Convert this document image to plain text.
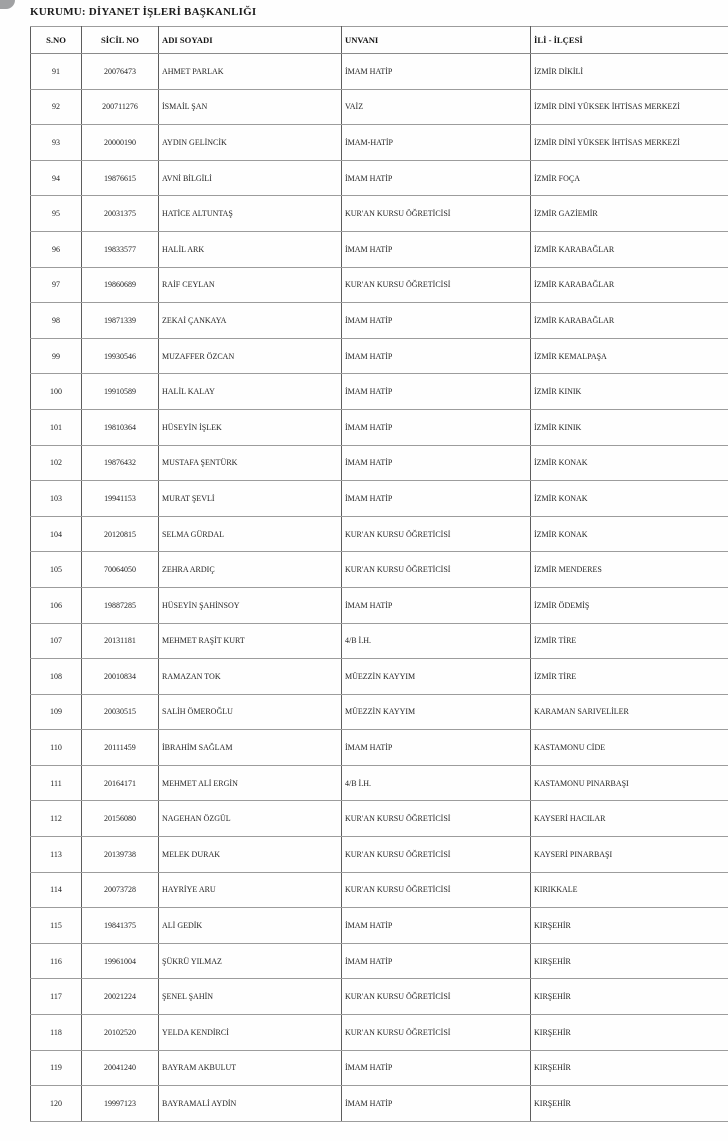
KURUMU: DİYANET İŞLERİ BAŞKANLIĞI
S.NO	SİCİL NO	ADI SOYADI	UNVANI	İLİ - İLÇESİ
91	20076473	AHMET PARLAK	İMAM HATİP	İZMİR DİKİLİ
92	200711276	İSMAİL ŞAN	VAİZ	İZMİR DİNİ YÜKSEK İHTİSAS MERKEZİ
93	20000190	AYDIN GELİNCİK	İMAM-HATİP	İZMİR DİNİ YÜKSEK İHTİSAS MERKEZİ
94	19876615	AVNİ BİLGİLİ	İMAM HATİP	İZMİR FOÇA
95	20031375	HATİCE ALTUNTAŞ	KUR'AN KURSU ÖĞRETİCİSİ	İZMİR GAZİEMİR
96	19833577	HALİL ARK	İMAM HATİP	İZMİR KARABAĞLAR
97	19860689	RAİF CEYLAN	KUR'AN KURSU ÖĞRETİCİSİ	İZMİR KARABAĞLAR
98	19871339	ZEKAİ ÇANKAYA	İMAM HATİP	İZMİR KARABAĞLAR
99	19930546	MUZAFFER ÖZCAN	İMAM HATİP	İZMİR KEMALPAŞA
100	19910589	HALİL KALAY	İMAM HATİP	İZMİR KINIK
101	19810364	HÜSEYİN İŞLEK	İMAM HATİP	İZMİR KINIK
102	19876432	MUSTAFA ŞENTÜRK	İMAM HATİP	İZMİR KONAK
103	19941153	MURAT ŞEVLİ	İMAM HATİP	İZMİR KONAK
104	20120815	SELMA GÜRDAL	KUR'AN KURSU ÖĞRETİCİSİ	İZMİR KONAK
105	70064050	ZEHRA ARDIÇ	KUR'AN KURSU ÖĞRETİCİSİ	İZMİR MENDERES
106	19887285	HÜSEYİN ŞAHİNSOY	İMAM HATİP	İZMİR ÖDEMİŞ
107	20131181	MEHMET RAŞİT KURT	4/B İ.H.	İZMİR TİRE
108	20010834	RAMAZAN TOK	MÜEZZİN KAYYIM	İZMİR TİRE
109	20030515	SALİH ÖMEROĞLU	MÜEZZİN KAYYIM	KARAMAN SARIVELİLER
110	20111459	İBRAHİM SAĞLAM	İMAM HATİP	KASTAMONU CİDE
111	20164171	MEHMET ALİ ERGİN	4/B İ.H.	KASTAMONU PINARBAŞI
112	20156080	NAGEHAN ÖZGÜL	KUR'AN KURSU ÖĞRETİCİSİ	KAYSERİ HACILAR
113	20139738	MELEK DURAK	KUR'AN KURSU ÖĞRETİCİSİ	KAYSERİ PINARBAŞI
114	20073728	HAYRİYE ARU	KUR'AN KURSU ÖĞRETİCİSİ	KIRIKKALE
115	19841375	ALİ GEDİK	İMAM HATİP	KIRŞEHİR
116	19961004	ŞÜKRÜ YILMAZ	İMAM HATİP	KIRŞEHİR
117	20021224	ŞENEL ŞAHİN	KUR'AN KURSU ÖĞRETİCİSİ	KIRŞEHİR
118	20102520	YELDA KENDİRCİ	KUR'AN KURSU ÖĞRETİCİSİ	KIRŞEHİR
119	20041240	BAYRAM AKBULUT	İMAM HATİP	KIRŞEHİR
120	19997123	BAYRAMALİ AYDİN	İMAM HATİP	KIRŞEHİR
